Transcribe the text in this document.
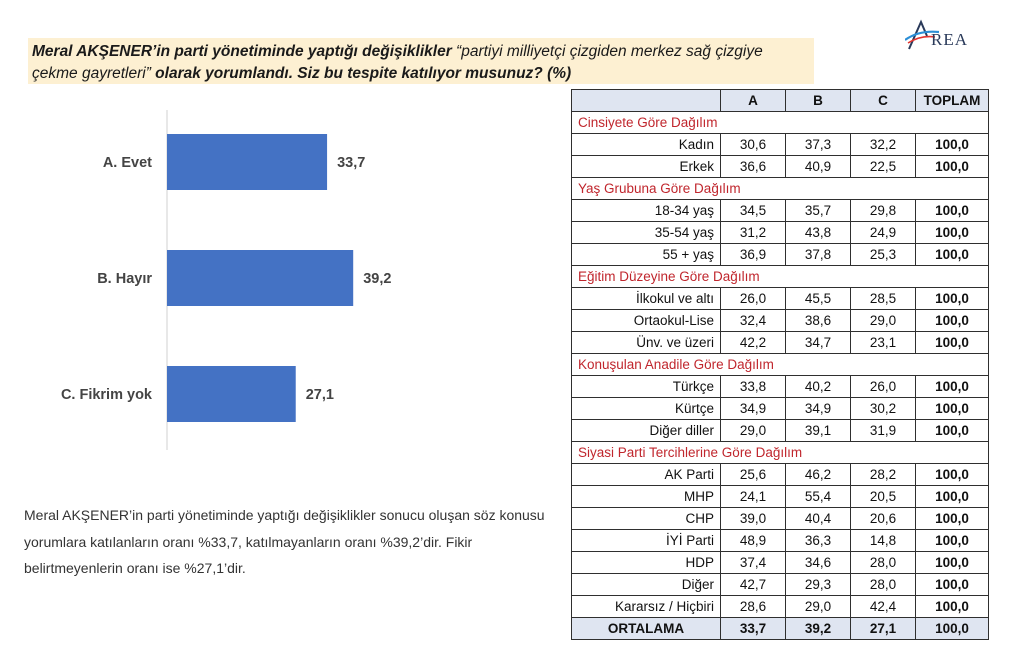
Meral AKŞENER’in parti yönetiminde yaptığı değişiklikler “partiyi milliyetçi çizgiden merkez sağ çizgiye çekme gayretleri” olarak yorumlandı. Siz bu tespite katılıyor musunuz? (%)
REA
A. Evet	33,7
B. Hayır	39,2
C. Fikrim yok	27,1
Meral AKŞENER’in parti yönetiminde yaptığı değişiklikler sonucu oluşan söz konusu yorumlara katılanların oranı %33,7, katılmayanların oranı %39,2’dir. Fikir belirtmeyenlerin oranı ise %27,1’dir.
	A	B	C	TOPLAM
Cinsiyete Göre Dağılım				
Kadın	30,6	37,3	32,2	100,0
Erkek	36,6	40,9	22,5	100,0
Yaş Grubuna Göre Dağılım				
18-34 yaş	34,5	35,7	29,8	100,0
35-54 yaş	31,2	43,8	24,9	100,0
55 + yaş	36,9	37,8	25,3	100,0
Eğitim Düzeyine Göre Dağılım				
İlkokul ve altı	26,0	45,5	28,5	100,0
Ortaokul-Lise	32,4	38,6	29,0	100,0
Ünv. ve üzeri	42,2	34,7	23,1	100,0
Konuşulan Anadile Göre Dağılım				
Türkçe	33,8	40,2	26,0	100,0
Kürtçe	34,9	34,9	30,2	100,0
Diğer diller	29,0	39,1	31,9	100,0
Siyasi Parti Tercihlerine Göre Dağılım				
AK Parti	25,6	46,2	28,2	100,0
MHP	24,1	55,4	20,5	100,0
CHP	39,0	40,4	20,6	100,0
İYİ Parti	48,9	36,3	14,8	100,0
HDP	37,4	34,6	28,0	100,0
Diğer	42,7	29,3	28,0	100,0
Kararsız / Hiçbiri	28,6	29,0	42,4	100,0
ORTALAMA	33,7	39,2	27,1	100,0
